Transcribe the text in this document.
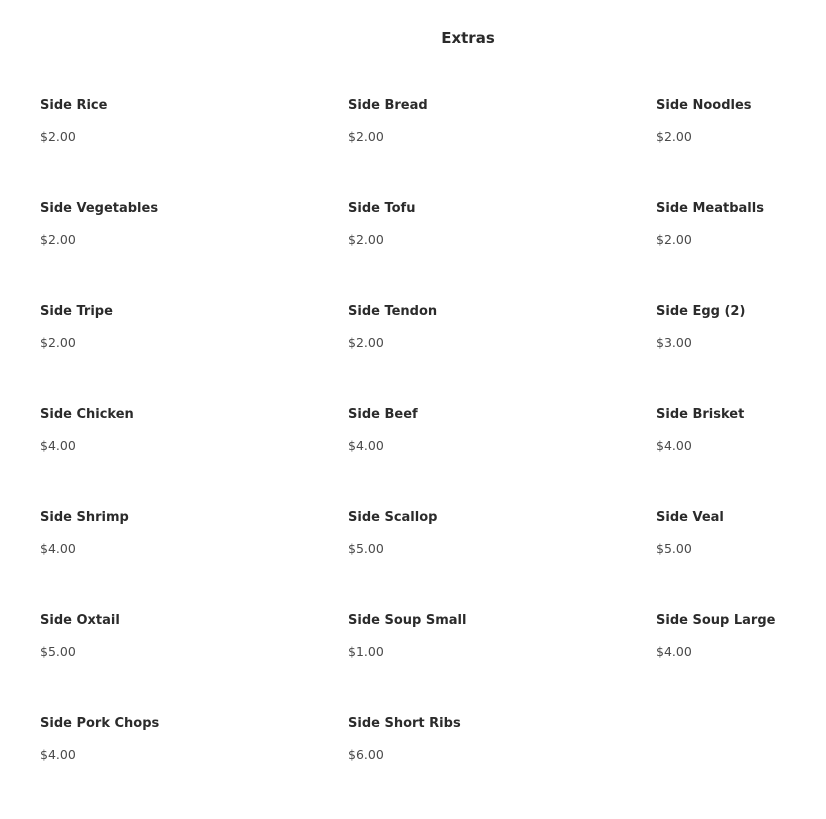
Extras
Side Rice
$2.00
Side Bread
$2.00
Side Noodles
$2.00
Side Vegetables
$2.00
Side Tofu
$2.00
Side Meatballs
$2.00
Side Tripe
$2.00
Side Tendon
$2.00
Side Egg (2)
$3.00
Side Chicken
$4.00
Side Beef
$4.00
Side Brisket
$4.00
Side Shrimp
$4.00
Side Scallop
$5.00
Side Veal
$5.00
Side Oxtail
$5.00
Side Soup Small
$1.00
Side Soup Large
$4.00
Side Pork Chops
$4.00
Side Short Ribs
$6.00
